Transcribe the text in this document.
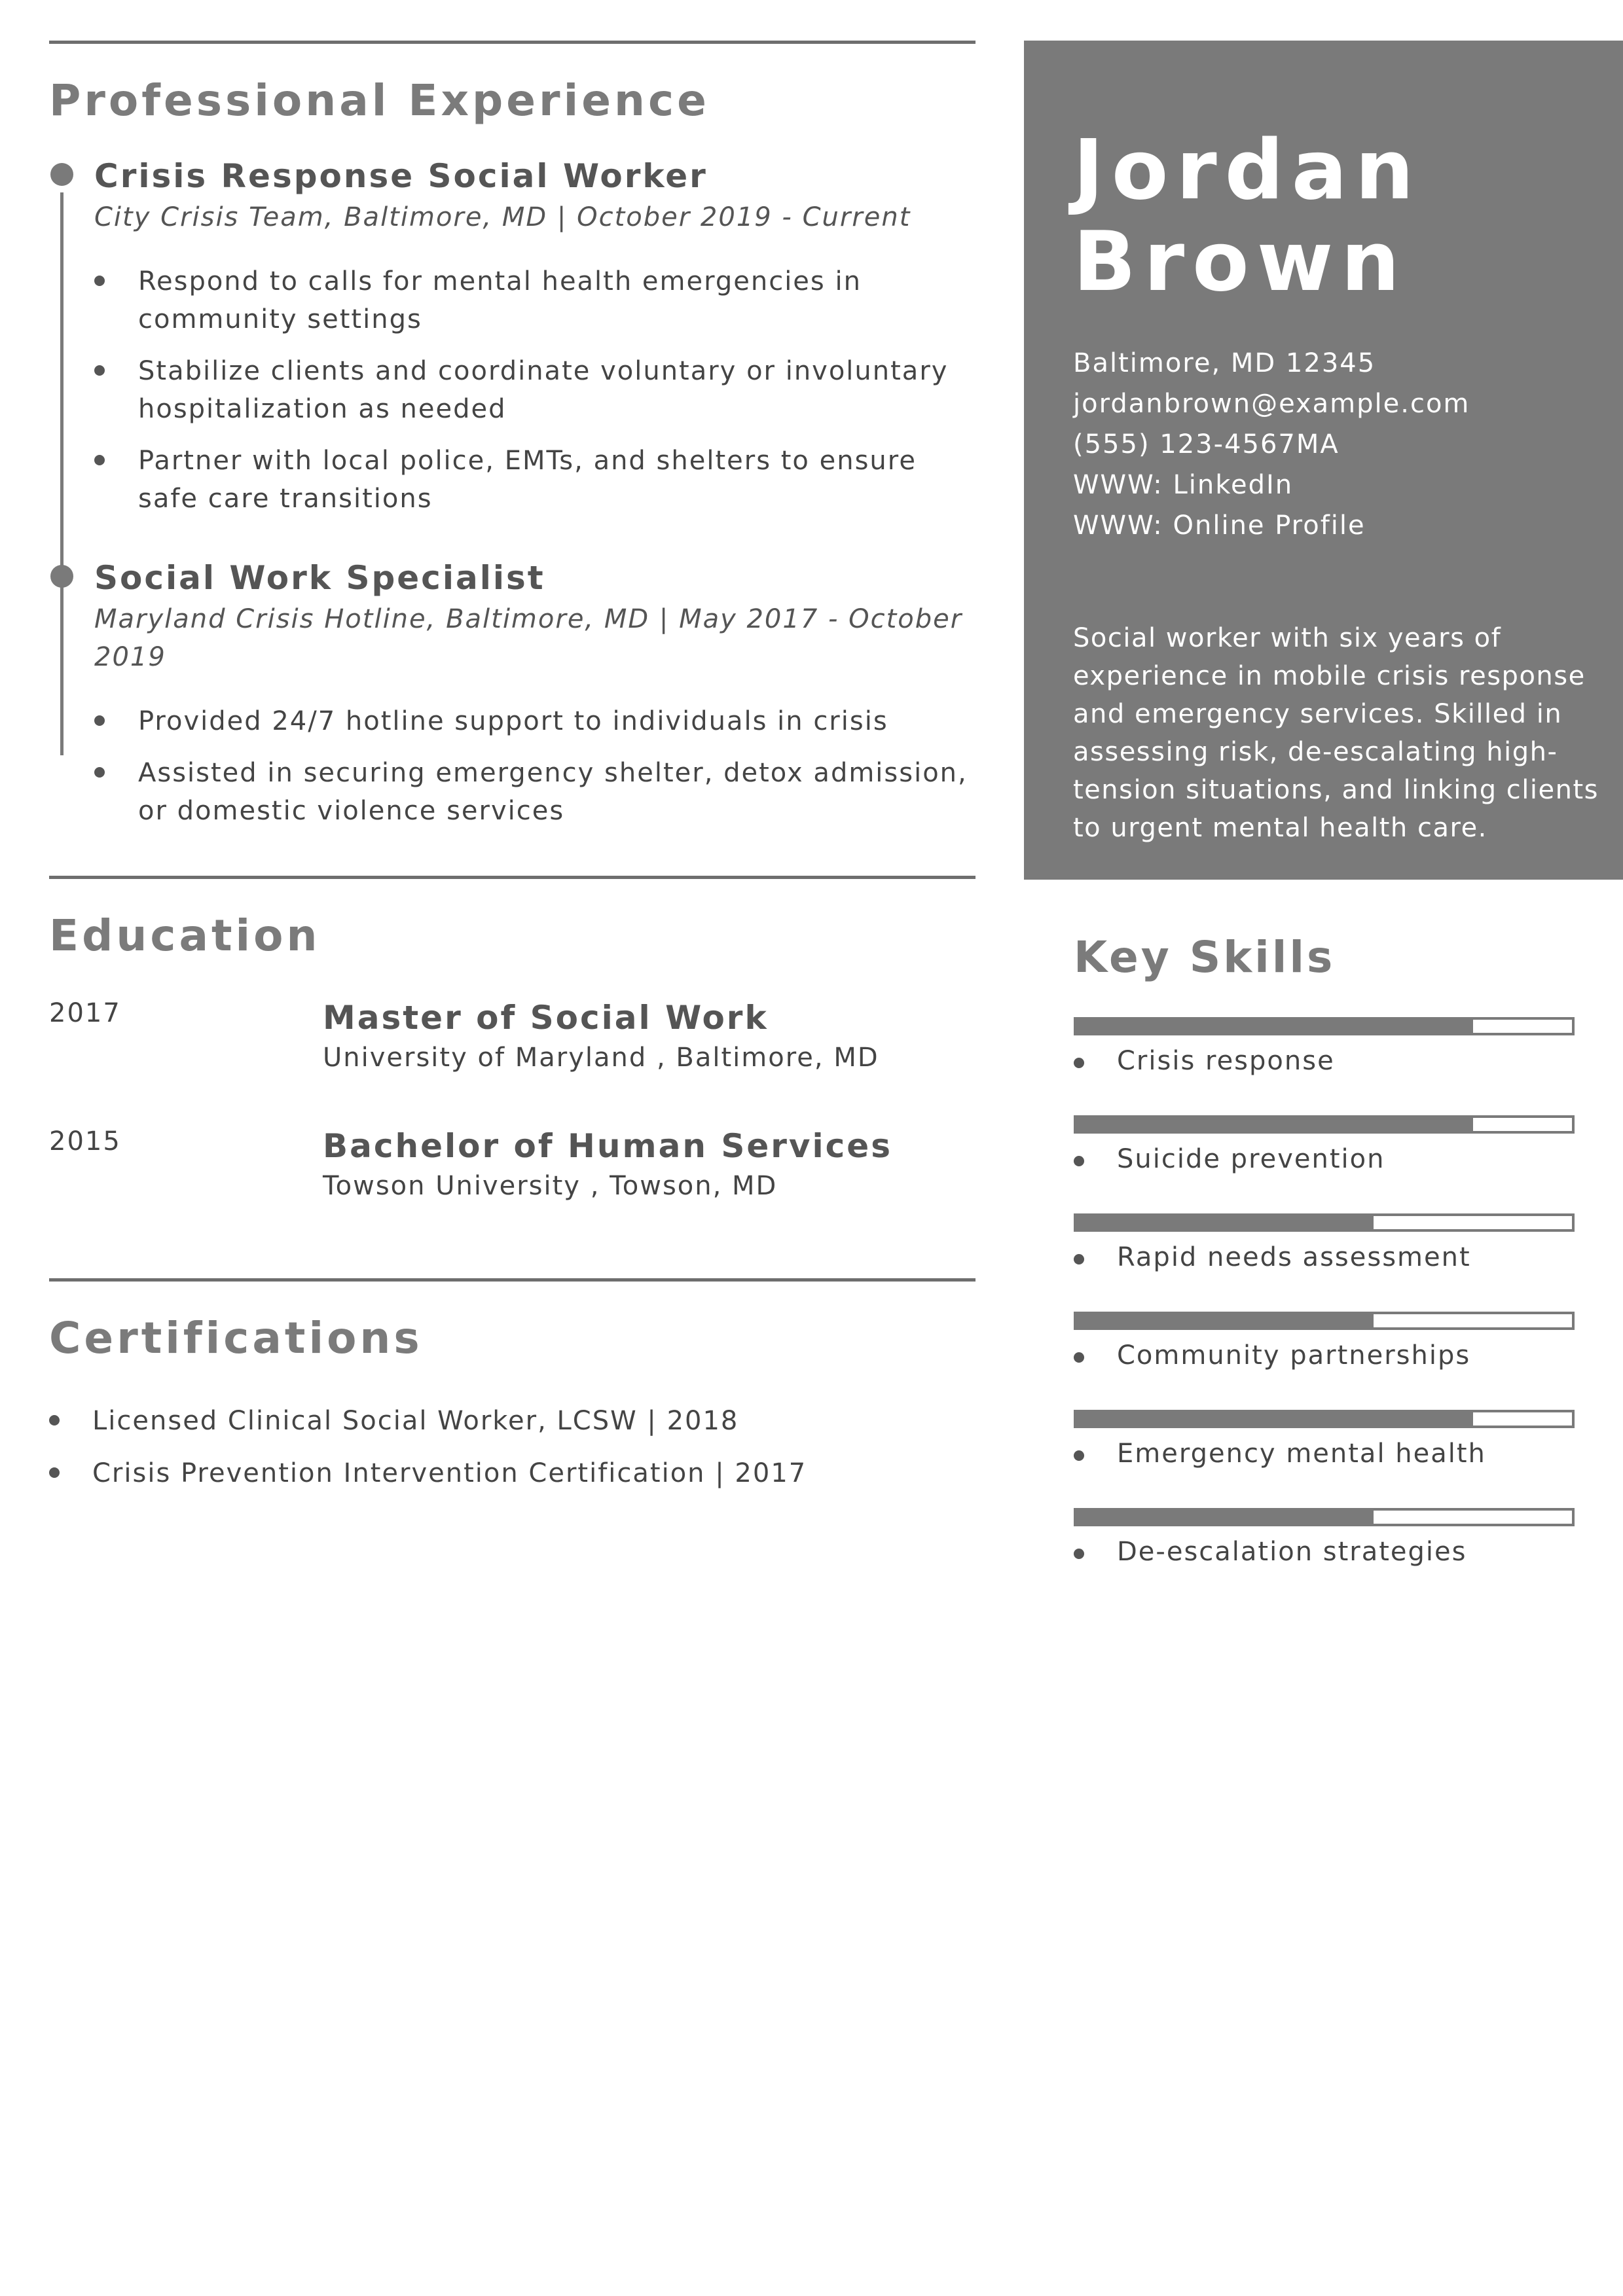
Professional Experience
Crisis Response Social Worker
City Crisis Team, Baltimore, MD | October 2019 - Current
Respond to calls for mental health emergencies in community settings
Stabilize clients and coordinate voluntary or involuntary hospitalization as needed
Partner with local police, EMTs, and shelters to ensure safe care transitions
Social Work Specialist
Maryland Crisis Hotline, Baltimore, MD | May 2017 - October 2019
Provided 24/7 hotline support to individuals in crisis
Assisted in securing emergency shelter, detox admission, or domestic violence services
Education
2017	Master of Social Work
University of Maryland , Baltimore, MD
2015	Bachelor of Human Services
Towson University , Towson, MD
Certifications
Licensed Clinical Social Worker, LCSW | 2018
Crisis Prevention Intervention Certification | 2017
Jordan
Brown
Baltimore, MD 12345
jordanbrown@example.com
(555) 123-4567MA
WWW: LinkedIn
WWW: Online Profile

Social worker with six years of experience in mobile crisis response and emergency services. Skilled in assessing risk, de-escalating high-tension situations, and linking clients to urgent mental health care.

Key Skills
Crisis response
Suicide prevention
Rapid needs assessment
Community partnerships
Emergency mental health
De-escalation strategies
